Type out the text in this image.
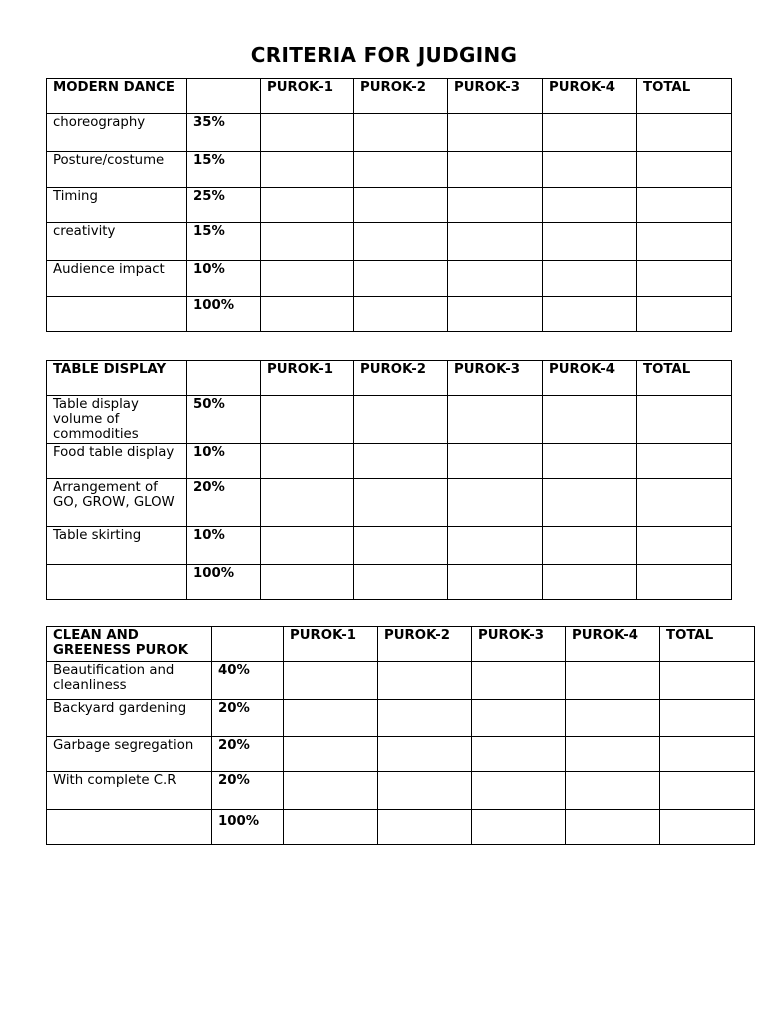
CRITERIA FOR JUDGING
MODERN DANCE		PUROK-1	PUROK-2	PUROK-3	PUROK-4	TOTAL
choreography	35%					
Posture/costume	15%					
Timing	25%					
creativity	15%					
Audience impact	10%					
	100%					
TABLE DISPLAY		PUROK-1	PUROK-2	PUROK-3	PUROK-4	TOTAL
Table display volume of commodities	50%					
Food table display	10%					
Arrangement of GO, GROW, GLOW	20%					
Table skirting	10%					
	100%					
CLEAN AND GREENESS PUROK		PUROK-1	PUROK-2	PUROK-3	PUROK-4	TOTAL
Beautification and cleanliness	40%					
Backyard gardening	20%					
Garbage segregation	20%					
With complete C.R	20%					
	100%					
